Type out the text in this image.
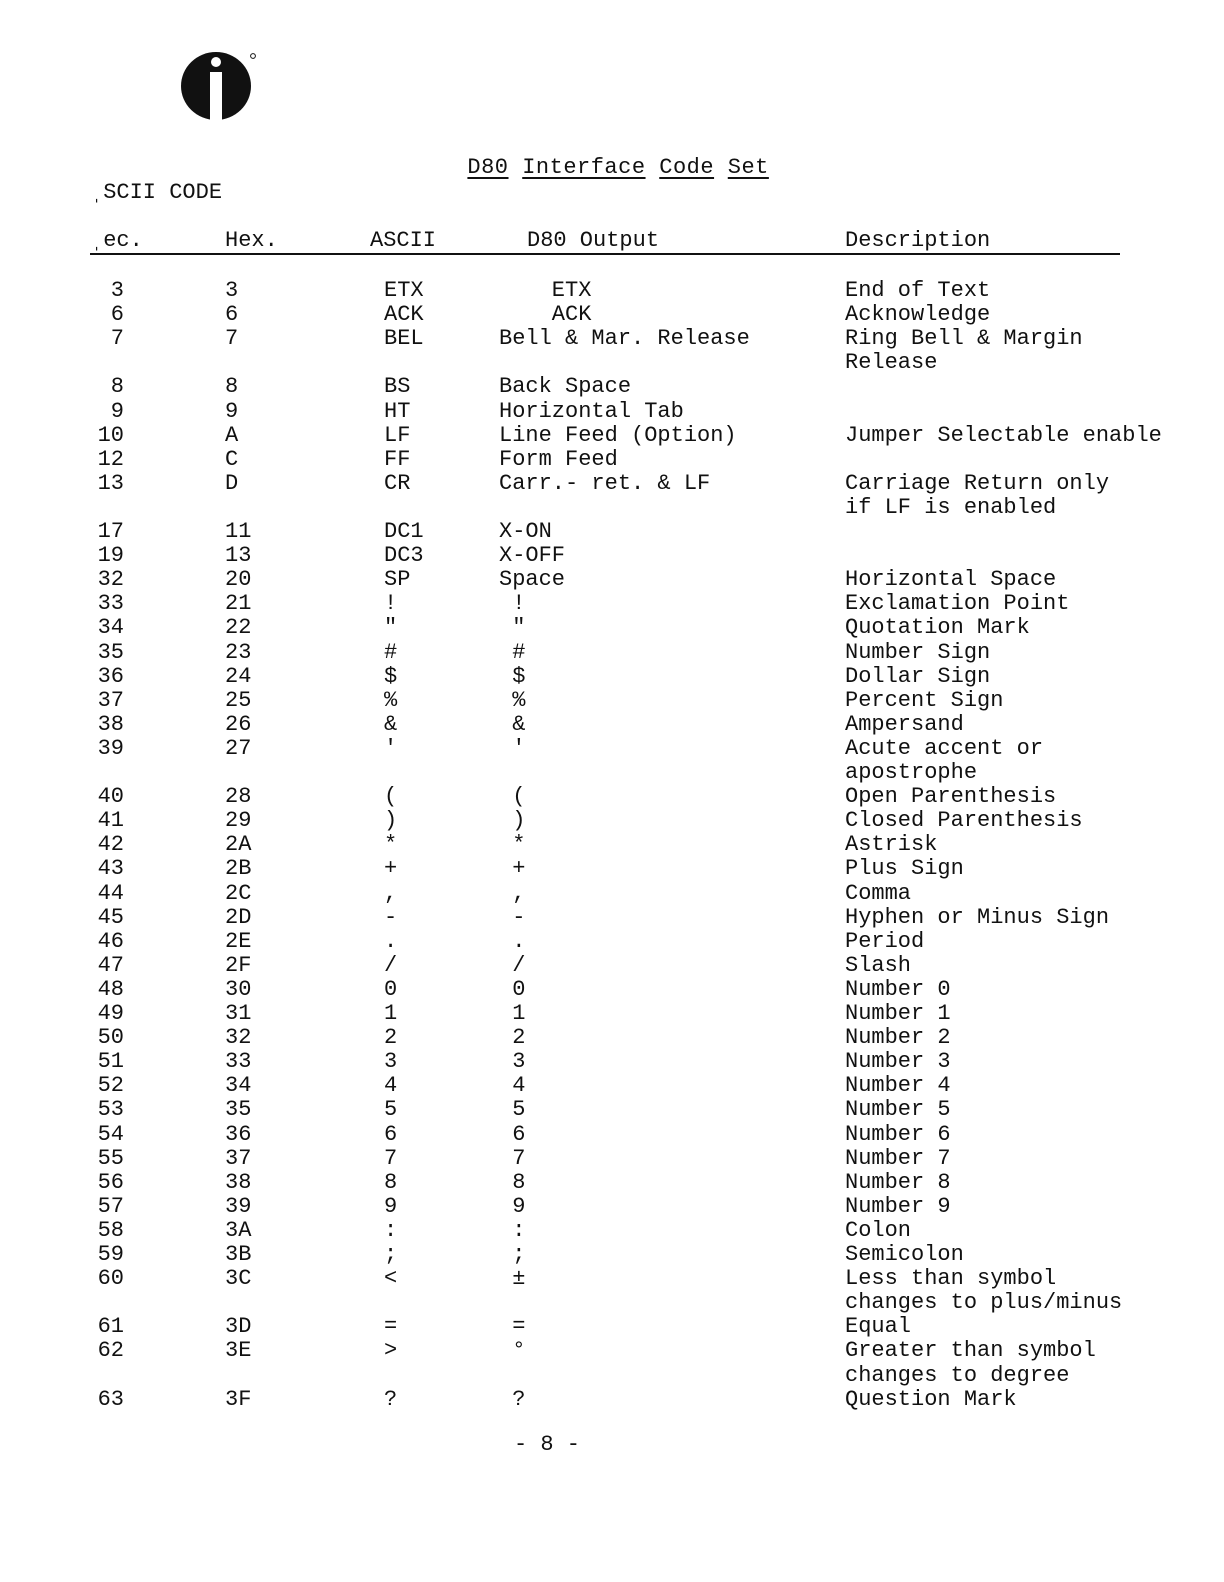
D80 Interface Code Set

ˌSCII CODE
ˌec.	Hex.	ASCII	D80 Output	Description
3	3	ETX	ETX	End of Text
6	6	ACK	ACK	Acknowledge
7	7	BEL	Bell & Mar. Release	Ring Bell & Margin
Release
8	8	BS	Back Space
9	9	HT	Horizontal Tab
10	A	LF	Line Feed (Option)	Jumper Selectable enable
12	C	FF	Form Feed
13	D	CR	Carr.- ret. & LF	Carriage Return only
if LF is enabled
17	11	DC1	X-ON
19	13	DC3	X-OFF
32	20	SP	Space	Horizontal Space
33	21	!	!	Exclamation Point
34	22	"	"	Quotation Mark
35	23	#	#	Number Sign
36	24	$	$	Dollar Sign
37	25	%	%	Percent Sign
38	26	&	&	Ampersand
39	27	'	'	Acute accent or
apostrophe
40	28	(	(	Open Parenthesis
41	29	)	)	Closed Parenthesis
42	2A	*	*	Astrisk
43	2B	+	+	Plus Sign
44	2C	,	,	Comma
45	2D	-	-	Hyphen or Minus Sign
46	2E	.	.	Period
47	2F	/	/	Slash
48	30	0	0	Number 0
49	31	1	1	Number 1
50	32	2	2	Number 2
51	33	3	3	Number 3
52	34	4	4	Number 4
53	35	5	5	Number 5
54	36	6	6	Number 6
55	37	7	7	Number 7
56	38	8	8	Number 8
57	39	9	9	Number 9
58	3A	:	:	Colon
59	3B	;	;	Semicolon
60	3C	<	±	Less than symbol
changes to plus/minus
61	3D	=	=	Equal
62	3E	>	°	Greater than symbol
changes to degree
63	3F	?	?	Question Mark
- 8 -
